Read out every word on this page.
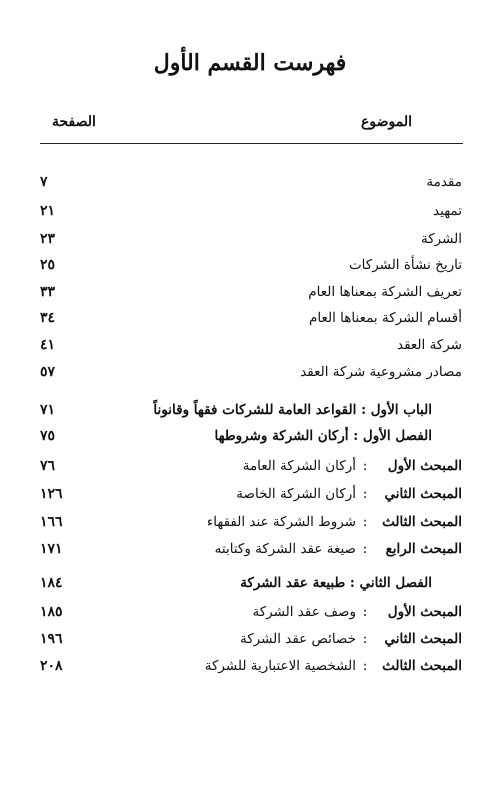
فهرست القسم الأول
الموضوع
الصفحة
مقدمة
٧
تمهيد
٢١
الشركة
٢٣
تاريخ نشأة الشركات
٢٥
تعريف الشركة بمعناها العام
٣٣
أقسام الشركة بمعناها العام
٣٤
شركة العقد
٤١
مصادر مشروعية شركة العقد
٥٧
الباب الأول : القواعد العامة للشركات فقهاً وقانوناً
٧١
الفصل الأول : أركان الشركة وشروطها
٧٥
المبحث الأول:أركان الشركة العامة
٧٦
المبحث الثاني:أركان الشركة الخاصة
١٢٦
المبحث الثالث:شروط الشركة عند الفقهاء
١٦٦
المبحث الرابع:صيغة عقد الشركة وكتابته
١٧١
الفصل الثاني : طبيعة عقد الشركة
١٨٤
المبحث الأول:وصف عقد الشركة
١٨٥
المبحث الثاني:خصائص عقد الشركة
١٩٦
المبحث الثالث:الشخصية الاعتبارية للشركة
٢٠٨
